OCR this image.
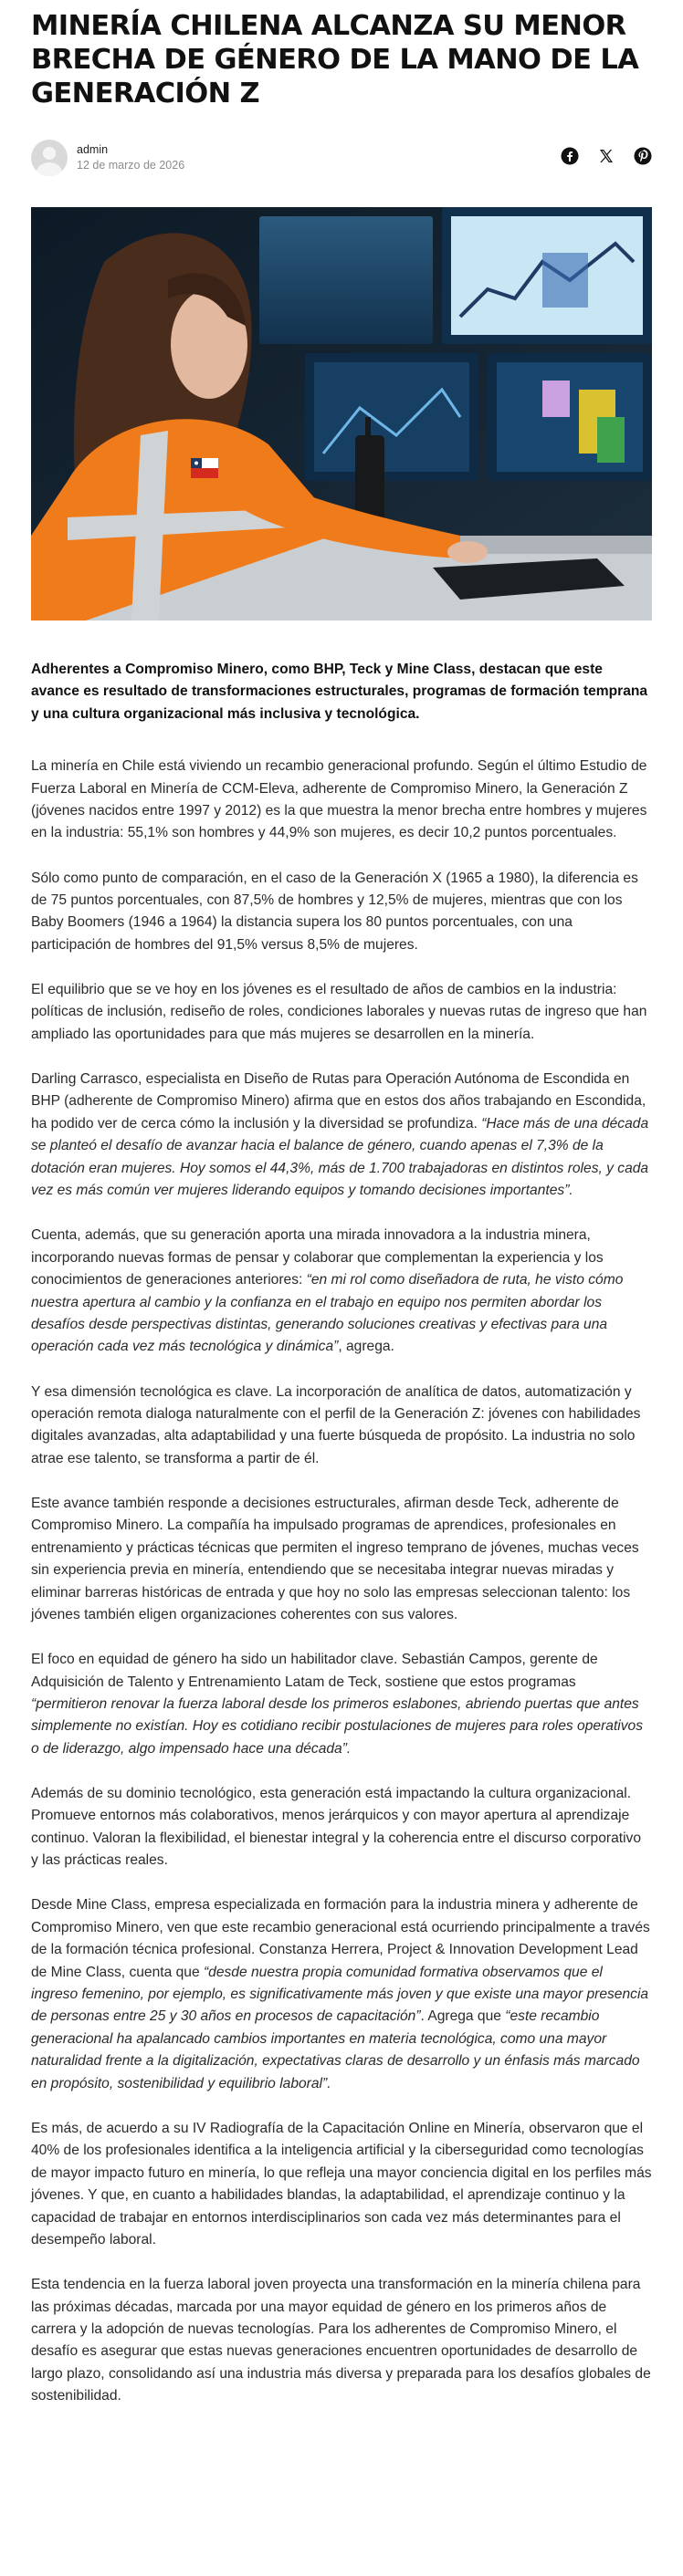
MINERÍA CHILENA ALCANZA SU MENOR BRECHA DE GÉNERO DE LA MANO DE LA GENERACIÓN Z
admin
12 de marzo de 2026

Adherentes a Compromiso Minero, como BHP, Teck y Mine Class, destacan que este avance es resultado de transformaciones estructurales, programas de formación temprana y una cultura organizacional más inclusiva y tecnológica.

La minería en Chile está viviendo un recambio generacional profundo. Según el último Estudio de Fuerza Laboral en Minería de CCM-Eleva, adherente de Compromiso Minero, la Generación Z (jóvenes nacidos entre 1997 y 2012) es la que muestra la menor brecha entre hombres y mujeres en la industria: 55,1% son hombres y 44,9% son mujeres, es decir 10,2 puntos porcentuales.

Sólo como punto de comparación, en el caso de la Generación X (1965 a 1980), la diferencia es de 75 puntos porcentuales, con 87,5% de hombres y 12,5% de mujeres, mientras que con los Baby Boomers (1946 a 1964) la distancia supera los 80 puntos porcentuales, con una participación de hombres del 91,5% versus 8,5% de mujeres.

El equilibrio que se ve hoy en los jóvenes es el resultado de años de cambios en la industria: políticas de inclusión, rediseño de roles, condiciones laborales y nuevas rutas de ingreso que han ampliado las oportunidades para que más mujeres se desarrollen en la minería.

Darling Carrasco, especialista en Diseño de Rutas para Operación Autónoma de Escondida en BHP (adherente de Compromiso Minero) afirma que en estos dos años trabajando en Escondida, ha podido ver de cerca cómo la inclusión y la diversidad se profundiza. “Hace más de una década se planteó el desafío de avanzar hacia el balance de género, cuando apenas el 7,3% de la dotación eran mujeres. Hoy somos el 44,3%, más de 1.700 trabajadoras en distintos roles, y cada vez es más común ver mujeres liderando equipos y tomando decisiones importantes”.

Cuenta, además, que su generación aporta una mirada innovadora a la industria minera, incorporando nuevas formas de pensar y colaborar que complementan la experiencia y los conocimientos de generaciones anteriores: “en mi rol como diseñadora de ruta, he visto cómo nuestra apertura al cambio y la confianza en el trabajo en equipo nos permiten abordar los desafíos desde perspectivas distintas, generando soluciones creativas y efectivas para una operación cada vez más tecnológica y dinámica”, agrega.

Y esa dimensión tecnológica es clave. La incorporación de analítica de datos, automatización y operación remota dialoga naturalmente con el perfil de la Generación Z: jóvenes con habilidades digitales avanzadas, alta adaptabilidad y una fuerte búsqueda de propósito. La industria no solo atrae ese talento, se transforma a partir de él.

Este avance también responde a decisiones estructurales, afirman desde Teck, adherente de Compromiso Minero. La compañía ha impulsado programas de aprendices, profesionales en entrenamiento y prácticas técnicas que permiten el ingreso temprano de jóvenes, muchas veces sin experiencia previa en minería, entendiendo que se necesitaba integrar nuevas miradas y eliminar barreras históricas de entrada y que hoy no solo las empresas seleccionan talento: los jóvenes también eligen organizaciones coherentes con sus valores.

El foco en equidad de género ha sido un habilitador clave. Sebastián Campos, gerente de Adquisición de Talento y Entrenamiento Latam de Teck, sostiene que estos programas “permitieron renovar la fuerza laboral desde los primeros eslabones, abriendo puertas que antes simplemente no existían. Hoy es cotidiano recibir postulaciones de mujeres para roles operativos o de liderazgo, algo impensado hace una década”.

Además de su dominio tecnológico, esta generación está impactando la cultura organizacional. Promueve entornos más colaborativos, menos jerárquicos y con mayor apertura al aprendizaje continuo. Valoran la flexibilidad, el bienestar integral y la coherencia entre el discurso corporativo y las prácticas reales.

Desde Mine Class, empresa especializada en formación para la industria minera y adherente de Compromiso Minero, ven que este recambio generacional está ocurriendo principalmente a través de la formación técnica profesional. Constanza Herrera, Project & Innovation Development Lead de Mine Class, cuenta que “desde nuestra propia comunidad formativa observamos que el ingreso femenino, por ejemplo, es significativamente más joven y que existe una mayor presencia de personas entre 25 y 30 años en procesos de capacitación”. Agrega que “este recambio generacional ha apalancado cambios importantes en materia tecnológica, como una mayor naturalidad frente a la digitalización, expectativas claras de desarrollo y un énfasis más marcado en propósito, sostenibilidad y equilibrio laboral”.

Es más, de acuerdo a su IV Radiografía de la Capacitación Online en Minería, observaron que el 40% de los profesionales identifica a la inteligencia artificial y la ciberseguridad como tecnologías de mayor impacto futuro en minería, lo que refleja una mayor conciencia digital en los perfiles más jóvenes. Y que, en cuanto a habilidades blandas, la adaptabilidad, el aprendizaje continuo y la capacidad de trabajar en entornos interdisciplinarios son cada vez más determinantes para el desempeño laboral.

Esta tendencia en la fuerza laboral joven proyecta una transformación en la minería chilena para las próximas décadas, marcada por una mayor equidad de género en los primeros años de carrera y la adopción de nuevas tecnologías. Para los adherentes de Compromiso Minero, el desafío es asegurar que estas nuevas generaciones encuentren oportunidades de desarrollo de largo plazo, consolidando así una industria más diversa y preparada para los desafíos globales de sostenibilidad.
